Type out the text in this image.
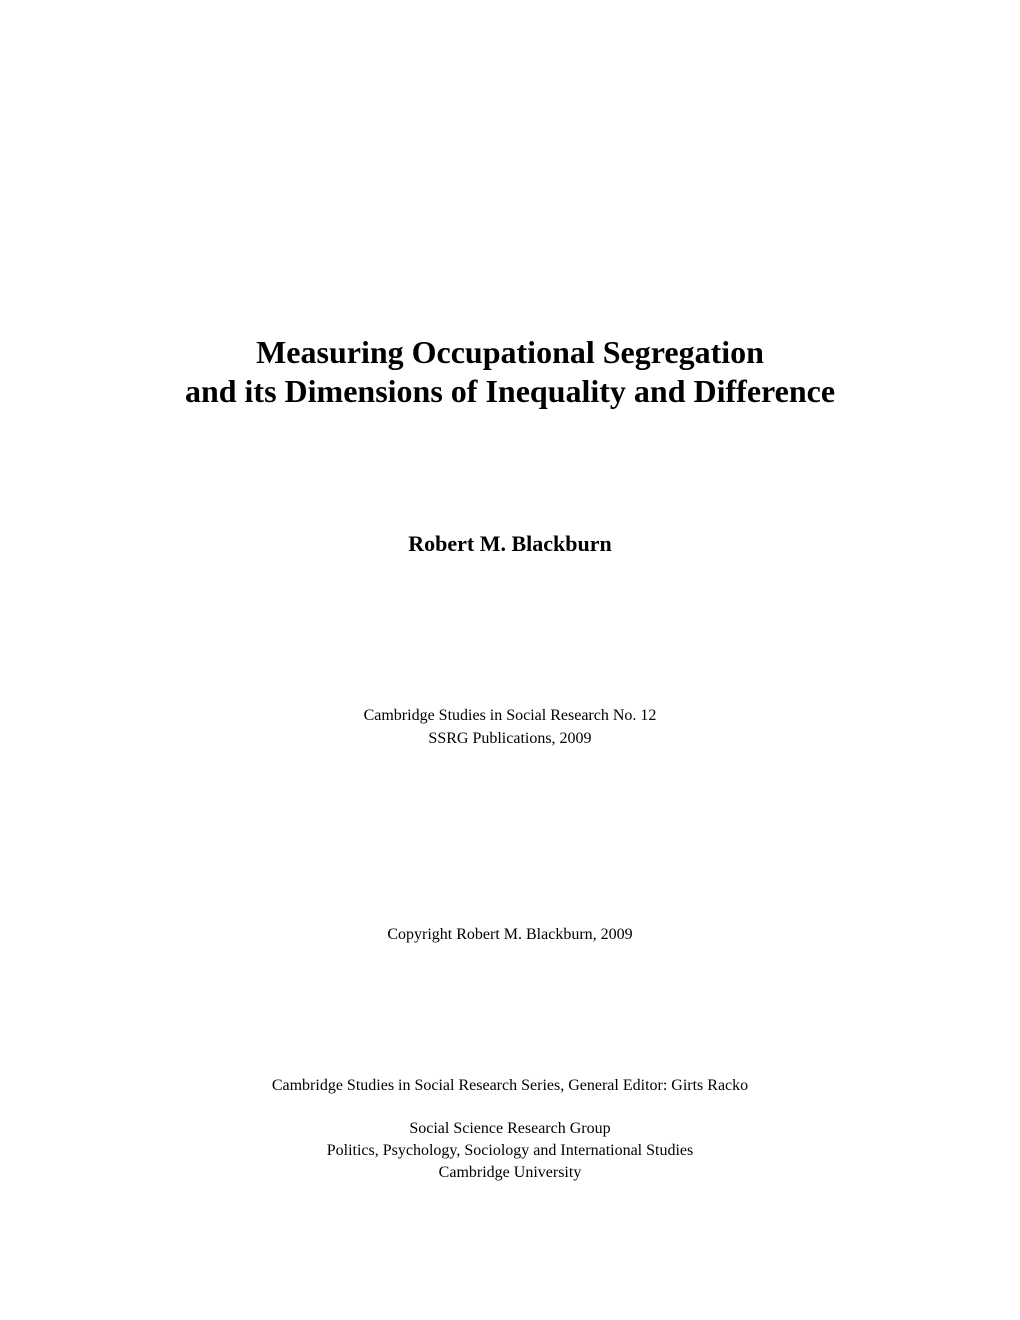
Measuring Occupational Segregation
and its Dimensions of Inequality and Difference
Robert M. Blackburn
Cambridge Studies in Social Research No. 12
SSRG Publications, 2009
Copyright Robert M. Blackburn, 2009
Cambridge Studies in Social Research Series, General Editor: Girts Racko
Social Science Research Group
Politics, Psychology, Sociology and International Studies
Cambridge University
